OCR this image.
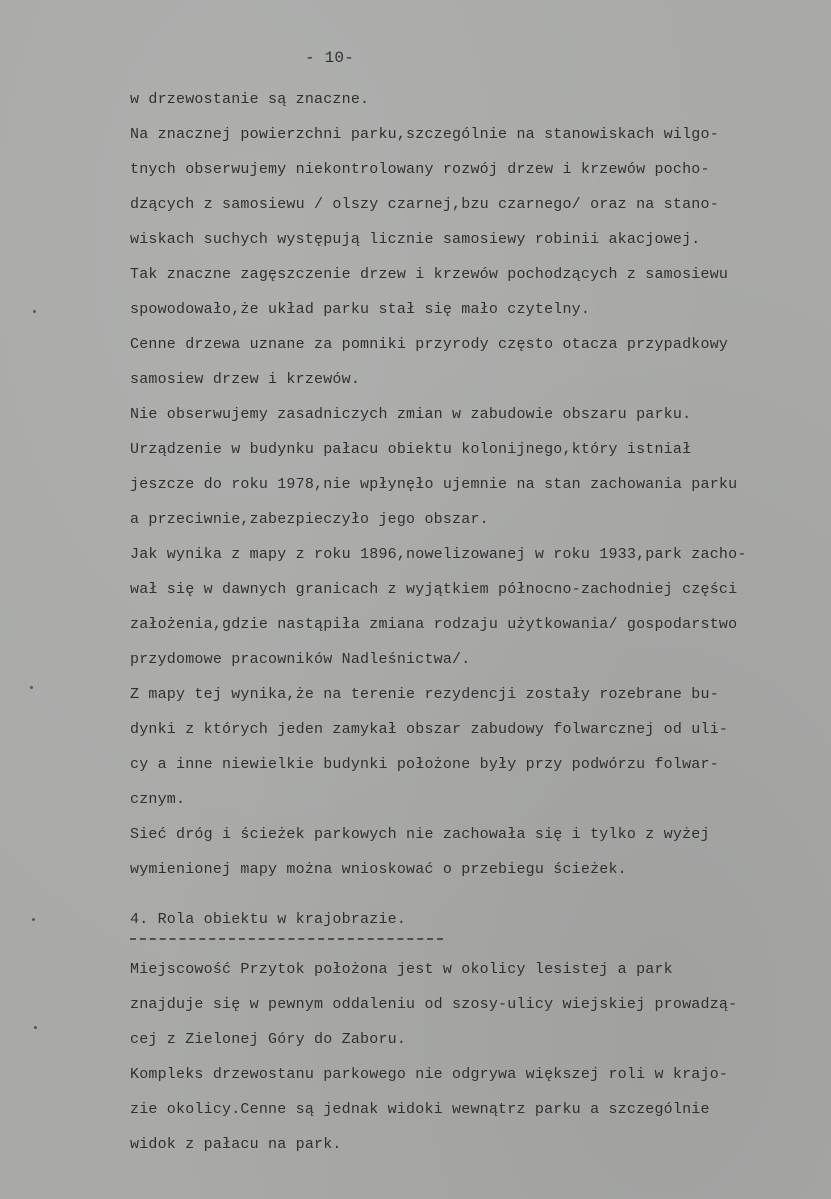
- 10-
w drzewostanie są znaczne.
Na znacznej powierzchni parku,szczególnie na stanowiskach wilgo-
tnych obserwujemy niekontrolowany rozwój drzew i krzewów pocho-
dzących z samosiewu / olszy czarnej,bzu czarnego/ oraz na stano-
wiskach suchych występują licznie samosiewy robinii akacjowej.
Tak znaczne zagęszczenie drzew i krzewów pochodzących z samosiewu
spowodowało,że układ parku stał się mało czytelny.
Cenne drzewa uznane za pomniki przyrody często otacza przypadkowy
samosiew drzew i krzewów.
Nie obserwujemy zasadniczych zmian w zabudowie obszaru parku.
Urządzenie w budynku pałacu obiektu kolonijnego,który istniał
jeszcze do roku 1978,nie wpłynęło ujemnie na stan zachowania parku
a przeciwnie,zabezpieczyło jego obszar.
Jak wynika z mapy z roku 1896,nowelizowanej w roku 1933,park zacho-
wał się w dawnych granicach z wyjątkiem północno-zachodniej części
założenia,gdzie nastąpiła zmiana rodzaju użytkowania/ gospodarstwo
przydomowe pracowników Nadleśnictwa/.
Z mapy tej wynika,że na terenie rezydencji zostały rozebrane bu-
dynki z których jeden zamykał obszar zabudowy folwarcznej od uli-
cy a inne niewielkie budynki położone były przy podwórzu folwar-
cznym.
Sieć dróg i ścieżek parkowych nie zachowała się i tylko z wyżej
wymienionej mapy można wnioskować o przebiegu ścieżek.
4. Rola obiektu w krajobrazie.
Miejscowość Przytok położona jest w okolicy lesistej a park
znajduje się w pewnym oddaleniu od szosy-ulicy wiejskiej prowadzą-
cej z Zielonej Góry do Zaboru.
Kompleks drzewostanu parkowego nie odgrywa większej roli w krajo-
zie okolicy.Cenne są jednak widoki wewnątrz parku a szczególnie
widok z pałacu na park.
